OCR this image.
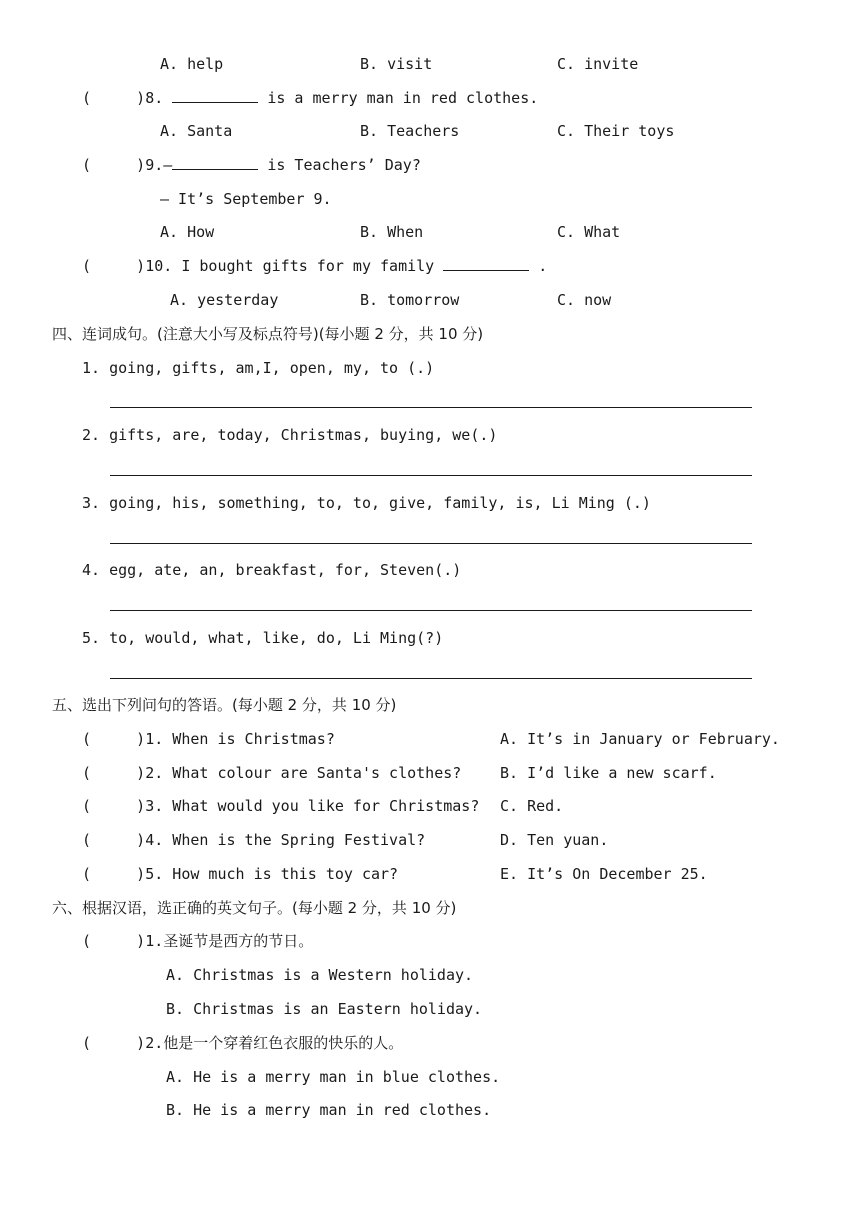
A. help	B. visit	C. invite
(     )8.	is a merry man in red clothes.
A. Santa	B. Teachers	C. Their toys
(     )9.—	is Teachers’ Day?
— It’s September 9.
A. How	B. When	C. What
(     )10. I bought gifts for my family	.
A. yesterday	B. tomorrow	C. now
四、连词成句。(注意大小写及标点符号)(每小题 2 分，共 10 分)
1. going, gifts, am,I, open, my, to (.)
2. gifts, are, today, Christmas, buying, we(.)
3. going, his, something, to, to, give, family, is, Li Ming (.)
4. egg, ate, an, breakfast, for, Steven(.)
5. to, would, what, like, do, Li Ming(?)
五、选出下列问句的答语。(每小题 2 分，共 10 分)
(     )1. When is Christmas?	A. It’s in January or February.
(     )2. What colour are Santa's clothes?	B. I’d like a new scarf.
(     )3. What would you like for Christmas? C. Red.
(     )4. When is the Spring Festival?	D. Ten yuan.
(     )5. How much is this toy car?	E. It’s On December 25.
六、根据汉语，选正确的英文句子。(每小题 2 分，共 10 分)
(     )1.圣诞节是西方的节日。
A. Christmas is a Western holiday.
B. Christmas is an Eastern holiday.
(     )2.他是一个穿着红色衣服的快乐的人。
A. He is a merry man in blue clothes.
B. He is a merry man in red clothes.
